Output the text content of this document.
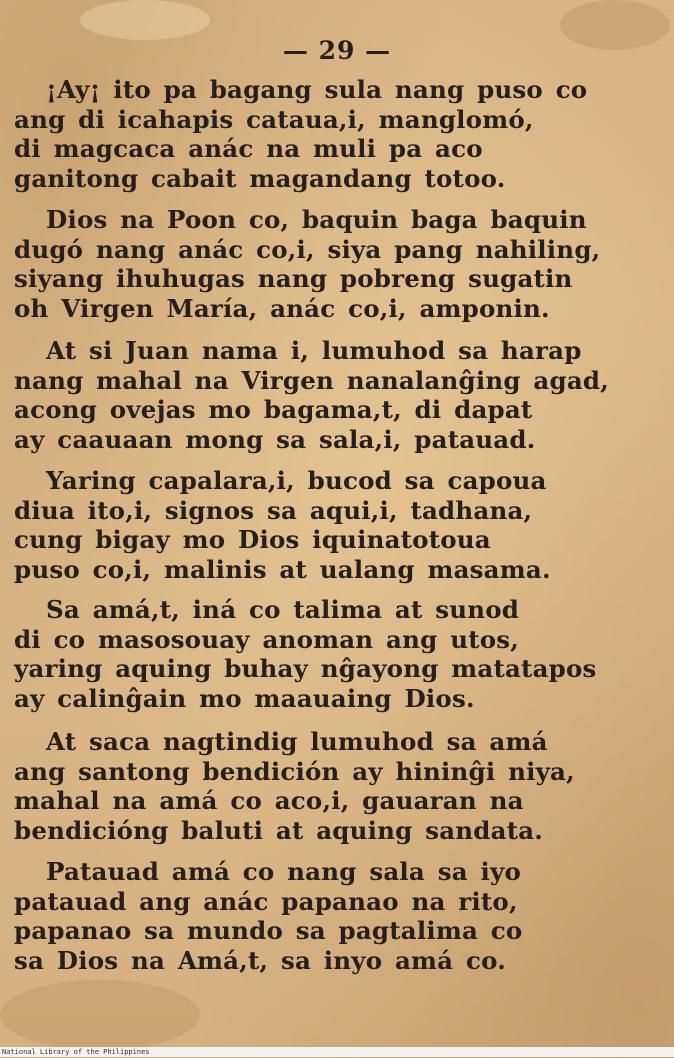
— 29 —
¡Ay¡ ito pa bagang sula nang puso co
ang di icahapis cataua,i, manglomó,
di magcaca anác na muli pa aco
ganitong cabait magandang totoo.
Dios na Poon co, baquin baga baquin
dugó nang anác co,i, siya pang nahiling,
siyang ihuhugas nang pobreng sugatin
oh Virgen María, anác co,i, amponin.
At si Juan nama i, lumuhod sa harap
nang mahal na Virgen nanalanĝing agad,
acong ovejas mo bagama,t, di dapat
ay caauaan mong sa sala,i, patauad.
Yaring capalara,i, bucod sa capoua
diua ito,i, signos sa aqui,i, tadhana,
cung bigay mo Dios iquinatotoua
puso co,i, malinis at ualang masama.
Sa amá,t, iná co talima at sunod
di co masosouay anoman ang utos,
yaring aquing buhay nĝayong matatapos
ay calinĝain mo maauaing Dios.
At saca nagtindig lumuhod sa amá
ang santong bendición ay hininĝi niya,
mahal na amá co aco,i, gauaran na
bendicióng baluti at aquing sandata.
Patauad amá co nang sala sa iyo
patauad ang anác papanao na rito,
papanao sa mundo sa pagtalima co
sa Dios na Amá,t, sa inyo amá co.
National Library of the Philippines
